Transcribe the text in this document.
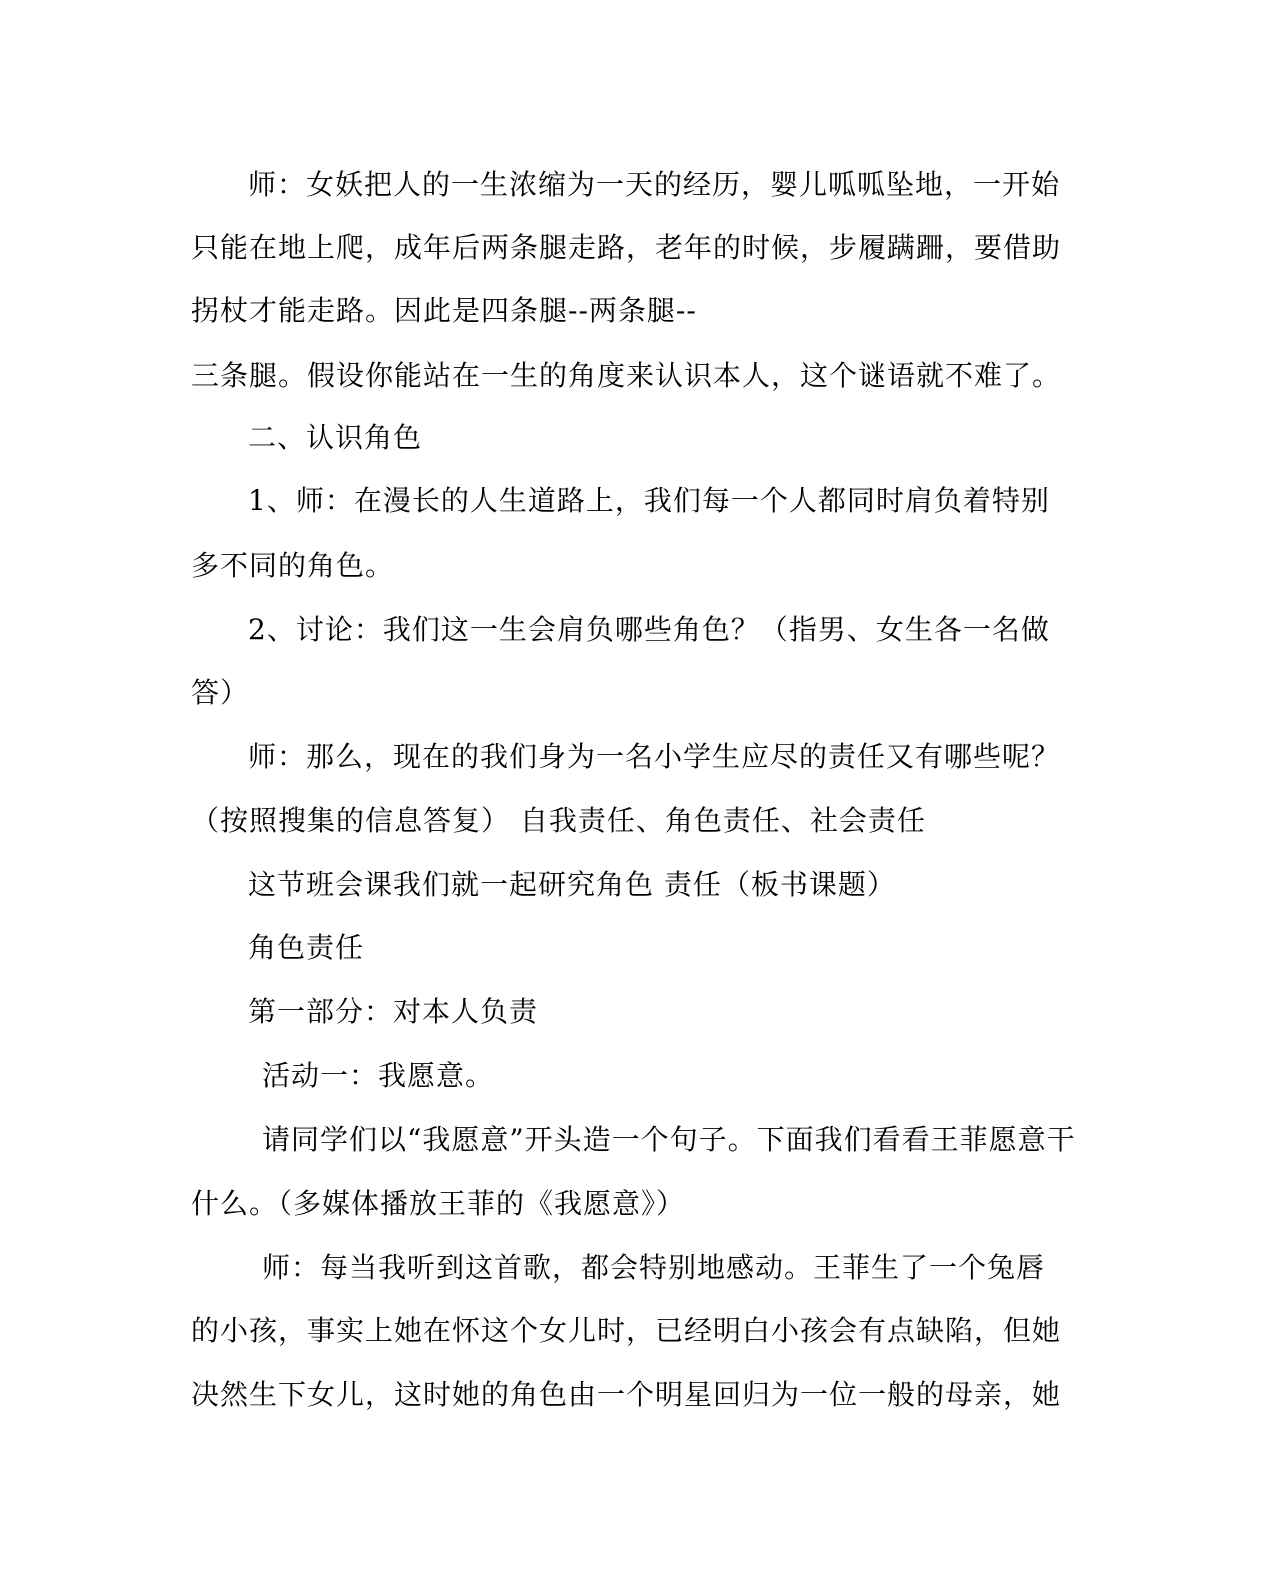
师：女妖把人的一生浓缩为一天的经历，婴儿呱呱坠地，一开始
只能在地上爬，成年后两条腿走路，老年的时候，步履蹒跚，要借助
拐杖才能走路。因此是四条腿--两条腿--
三条腿。假设你能站在一生的角度来认识本人，这个谜语就不难了。
二、认识角色
1、师：在漫长的人生道路上，我们每一个人都同时肩负着特别
多不同的角色。
2、讨论：我们这一生会肩负哪些角色？（指男、女生各一名做
答）
师：那么，现在的我们身为一名小学生应尽的责任又有哪些呢？
（按照搜集的信息答复） 自我责任、角色责任、社会责任
这节班会课我们就一起研究角色 责任（板书课题）
角色责任
第一部分：对本人负责
活动一：我愿意。
请同学们以“我愿意”开头造一个句子。下面我们看看王菲愿意干
什么。（多媒体播放王菲的《我愿意》）
师：每当我听到这首歌，都会特别地感动。王菲生了一个兔唇
的小孩，事实上她在怀这个女儿时，已经明白小孩会有点缺陷，但她
决然生下女儿，这时她的角色由一个明星回归为一位一般的母亲，她
